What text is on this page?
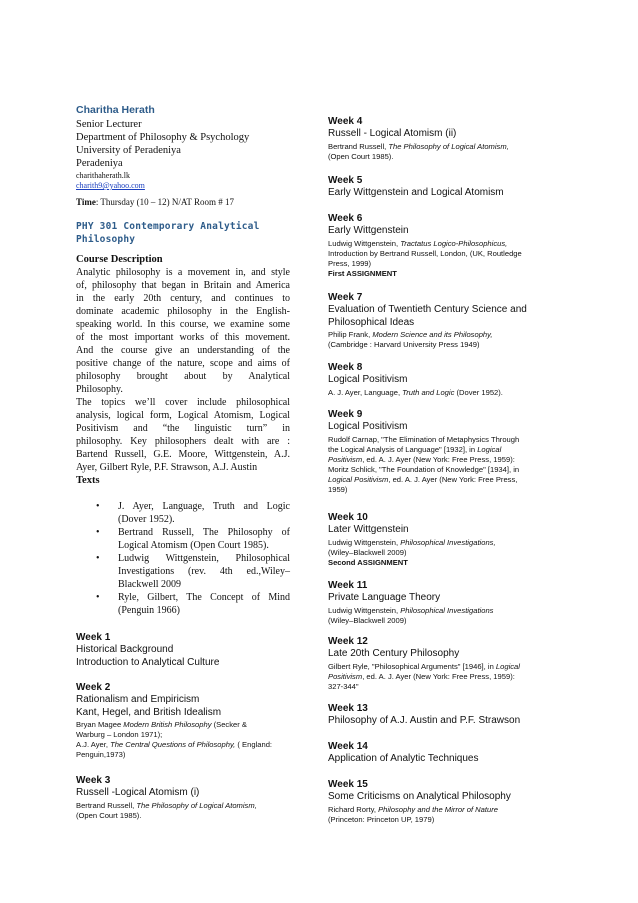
Charitha Herath
Senior Lecturer
Department of Philosophy & Psychology
University of Peradeniya
Peradeniya
charithaherath.lk
charith9@yahoo.com
Time: Thursday (10 – 12) N/AT Room # 17
PHY 301 Contemporary Analytical
Philosophy
Course Description
Analytic philosophy is a movement in, and style
of, philosophy that began in Britain and America
in the early 20th century, and continues to
dominate academic philosophy in the English-
speaking world. In this course, we examine some
of the most important works of this movement.
And the course give an understanding of the
positive change of the nature, scope and aims of
philosophy brought about by Analytical
Philosophy.
The topics we’ll cover include philosophical
analysis, logical form, Logical Atomism, Logical
Positivism and “the linguistic turn” in
philosophy. Key philosophers dealt with are :
Bartend Russell, G.E. Moore, Wittgenstein, A.J.
Ayer, Gilbert Ryle, P.F. Strawson, A.J. Austin
Texts
• J. Ayer, Language, Truth and Logic
(Dover 1952).
• Bertrand Russell, The Philosophy of
Logical Atomism (Open Court 1985).
• Ludwig Wittgenstein, Philosophical
Investigations (rev. 4th ed.,Wiley–
Blackwell 2009
• Ryle, Gilbert, The Concept of Mind
(Penguin 1966)
Week 1
Historical Background
Introduction to Analytical Culture
Week 2
Rationalism and Empiricism
Kant, Hegel, and British Idealism
Bryan Magee Modern British Philosophy (Secker &
Warburg – London 1971);
A.J. Ayer, The Central Questions of Philosophy, ( England:
Penguin,1973)
Week 3
Russell -Logical Atomism (i)
Bertrand Russell, The Philosophy of Logical Atomism,
(Open Court 1985).
Week 4
Russell - Logical Atomism (ii)
Bertrand Russell, The Philosophy of Logical Atomism,
(Open Court 1985).
Week 5
Early Wittgenstein and Logical Atomism
Week 6
Early Wittgenstein
Ludwig Wittgenstein, Tractatus Logico-Philosophicus,
Introduction by Bertrand Russell, London, (UK, Routledge
Press, 1999)
First ASSIGNMENT
Week 7
Evaluation of Twentieth Century Science and
Philosophical Ideas
Philip Frank, Modern Science and its Philosophy,
(Cambridge : Harvard University Press 1949)
Week 8
Logical Positivism
A. J. Ayer, Language, Truth and Logic (Dover 1952).
Week 9
Logical Positivism
Rudolf Carnap, "The Elimination of Metaphysics Through
the Logical Analysis of Language" [1932], in Logical
Positivism, ed. A. J. Ayer (New York: Free Press, 1959):
Moritz Schlick, "The Foundation of Knowledge" [1934], in
Logical Positivism, ed. A. J. Ayer (New York: Free Press,
1959)
Week 10
Later Wittgenstein
Ludwig Wittgenstein, Philosophical Investigations,
(Wiley–Blackwell 2009)
Second ASSIGNMENT
Week 11
Private Language Theory
Ludwig Wittgenstein, Philosophical Investigations
(Wiley–Blackwell 2009)
Week 12
Late 20th Century Philosophy
Gilbert Ryle, "Philosophical Arguments" [1946], in Logical
Positivism, ed. A. J. Ayer (New York: Free Press, 1959):
327-344"
Week 13
Philosophy of A.J. Austin and P.F. Strawson
Week 14
Application of Analytic Techniques
Week 15
Some Criticisms on Analytical Philosophy
Richard Rorty, Philosophy and the Mirror of Nature
(Princeton: Princeton UP, 1979)
